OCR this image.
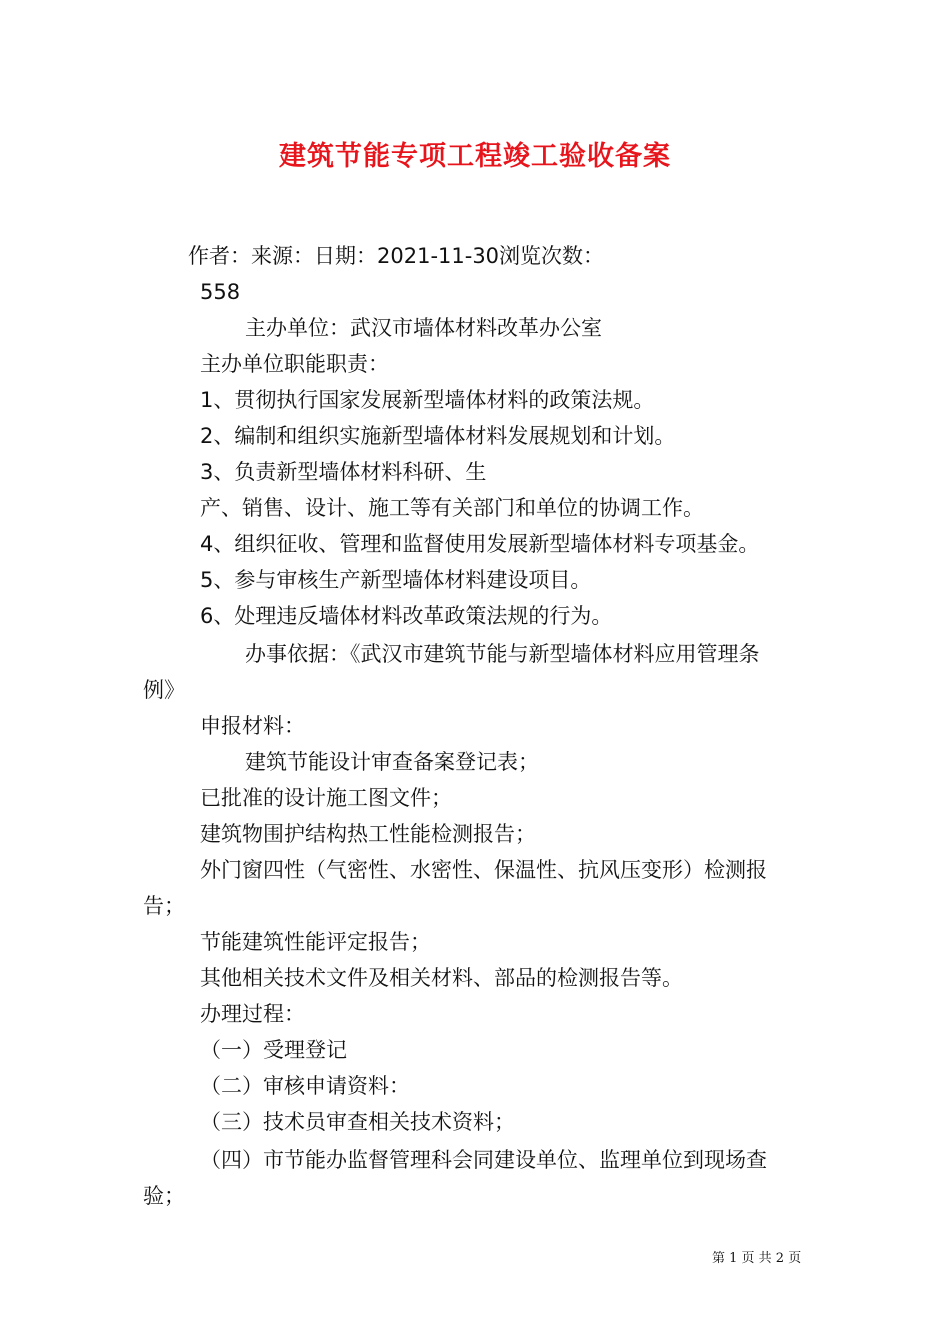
建筑节能专项工程竣工验收备案
作者：来源：日期：2021-11-30浏览次数：
558
主办单位：武汉市墙体材料改革办公室
主办单位职能职责：
1、贯彻执行国家发展新型墙体材料的政策法规。
2、编制和组织实施新型墙体材料发展规划和计划。
3、负责新型墙体材料科研、生
产、销售、设计、施工等有关部门和单位的协调工作。
4、组织征收、管理和监督使用发展新型墙体材料专项基金。
5、参与审核生产新型墙体材料建设项目。
6、处理违反墙体材料改革政策法规的行为。
办事依据：《武汉市建筑节能与新型墙体材料应用管理条
例》
申报材料：
建筑节能设计审查备案登记表；
已批准的设计施工图文件；
建筑物围护结构热工性能检测报告；
外门窗四性（气密性、水密性、保温性、抗风压变形）检测报
告；
节能建筑性能评定报告；
其他相关技术文件及相关材料、部品的检测报告等。
办理过程：
（一）受理登记
（二）审核申请资料：
（三）技术员审查相关技术资料；
（四）市节能办监督管理科会同建设单位、监理单位到现场查
验；
第 1 页 共 2 页
